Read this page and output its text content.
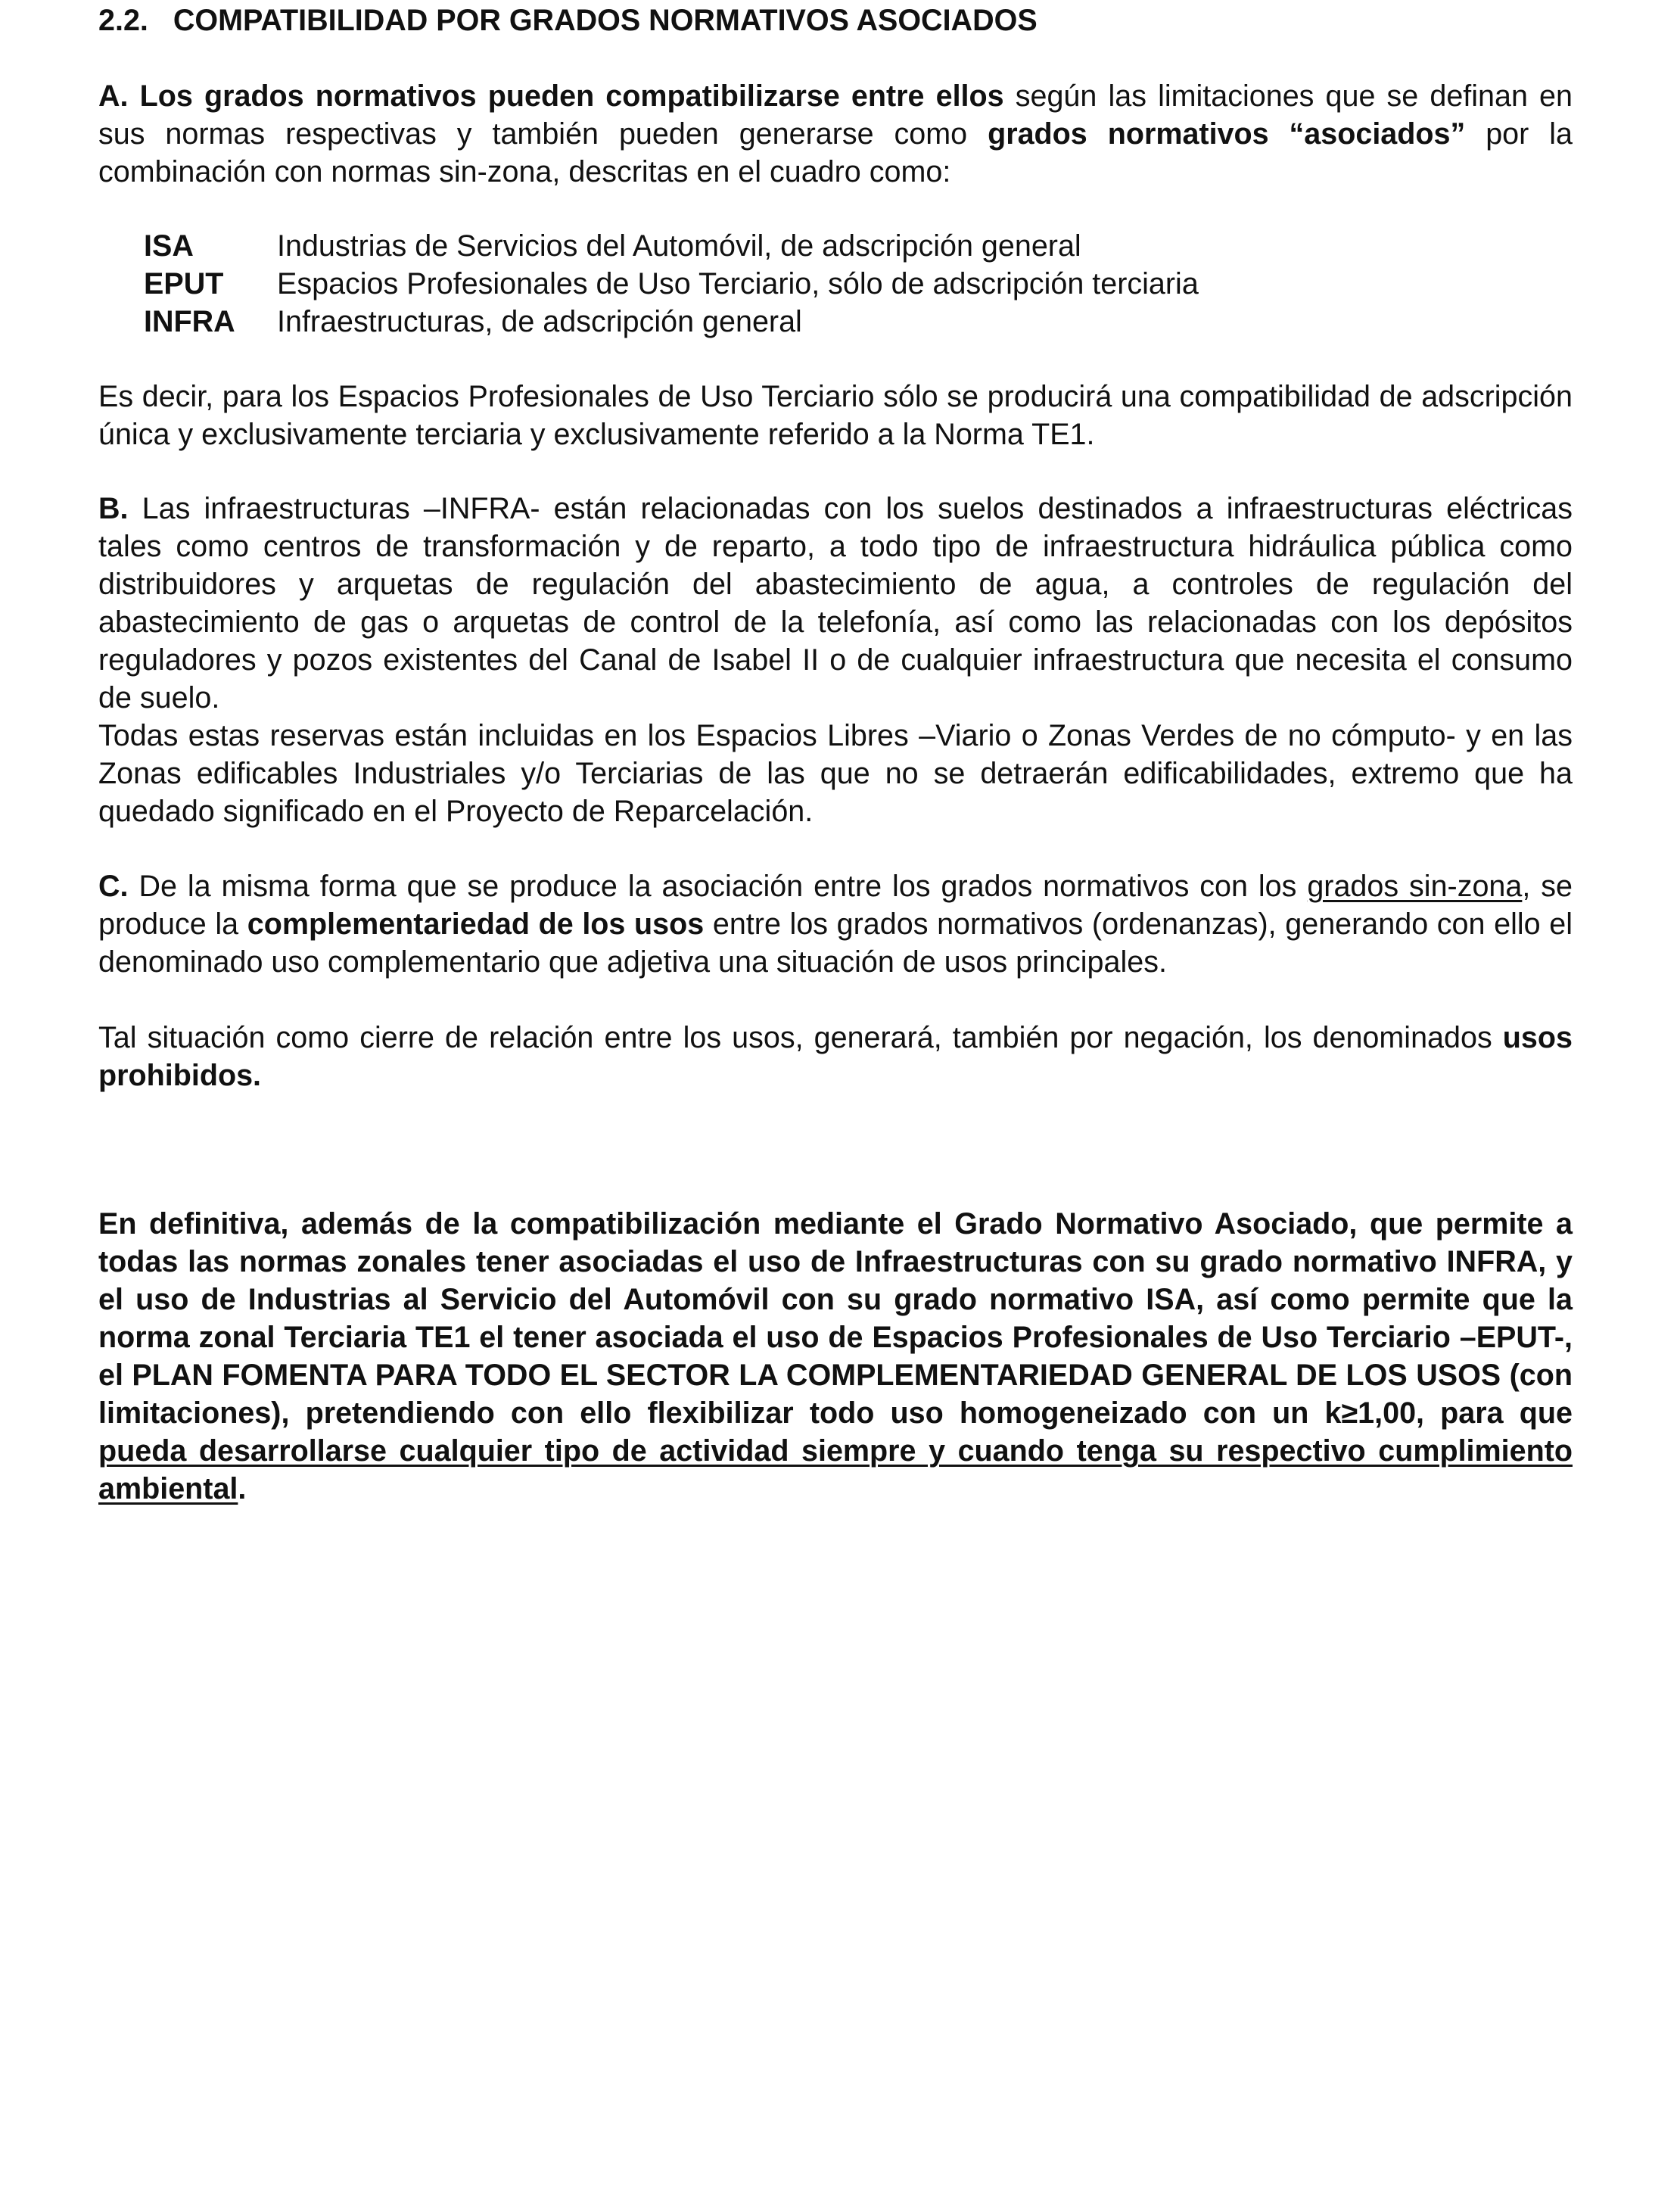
2.2. COMPATIBILIDAD POR GRADOS NORMATIVOS ASOCIADOS

A. Los grados normativos pueden compatibilizarse entre ellos según las limitaciones que se definan en sus normas respectivas y también pueden generarse como grados normativos “asociados” por la combinación con normas sin-zona, descritas en el cuadro como:

ISA	Industrias de Servicios del Automóvil, de adscripción general
EPUT Espacios Profesionales de Uso Terciario, sólo de adscripción terciaria
INFRA Infraestructuras, de adscripción general

Es decir, para los Espacios Profesionales de Uso Terciario sólo se producirá una compatibilidad de adscripción única y exclusivamente terciaria y exclusivamente referido a la Norma TE1.

B. Las infraestructuras –INFRA- están relacionadas con los suelos destinados a infraestructuras eléctricas tales como centros de transformación y de reparto, a todo tipo de infraestructura hidráulica pública como distribuidores y arquetas de regulación del abastecimiento de agua, a controles de regulación del abastecimiento de gas o arquetas de control de la telefonía, así como las relacionadas con los depósitos reguladores y pozos existentes del Canal de Isabel II o de cualquier infraestructura que necesita el consumo de suelo.

Todas estas reservas están incluidas en los Espacios Libres –Viario o Zonas Verdes de no cómputo- y en las Zonas edificables Industriales y/o Terciarias de las que no se detraerán edificabilidades, extremo que ha quedado significado en el Proyecto de Reparcelación.

C. De la misma forma que se produce la asociación entre los grados normativos con los grados sin-zona, se produce la complementariedad de los usos entre los grados normativos (ordenanzas), generando con ello el denominado uso complementario que adjetiva una situación de usos principales.

Tal situación como cierre de relación entre los usos, generará, también por negación, los denominados usos prohibidos.

En definitiva, además de la compatibilización mediante el Grado Normativo Asociado, que permite a todas las normas zonales tener asociadas el uso de Infraestructuras con su grado normativo INFRA, y el uso de Industrias al Servicio del Automóvil con su grado normativo ISA, así como permite que la norma zonal Terciaria TE1 el tener asociada el uso de Espacios Profesionales de Uso Terciario –EPUT-, el PLAN FOMENTA PARA TODO EL SECTOR LA COMPLEMENTARIEDAD GENERAL DE LOS USOS (con limitaciones), pretendiendo con ello flexibilizar todo uso homogeneizado con un k≥1,00, para que pueda desarrollarse cualquier tipo de actividad siempre y cuando tenga su respectivo cumplimiento ambiental.
